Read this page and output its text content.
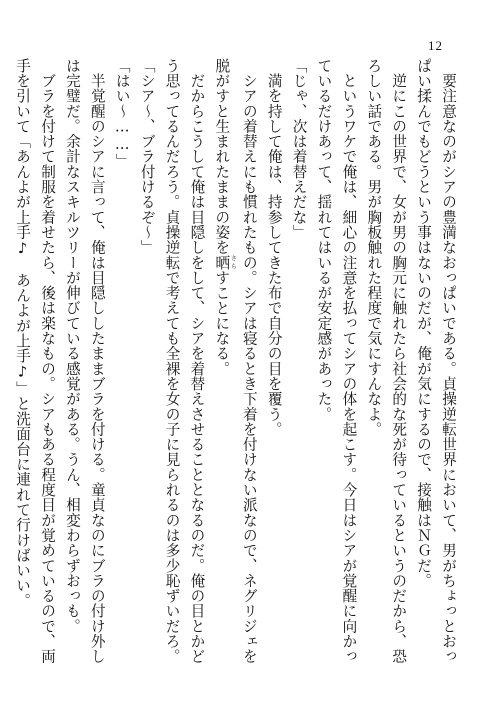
12
　要注意なのがシアの豊満なおっぱいである。貞操逆転世界において、男がちょっとおっ
ぱい揉んでもどうという事はないのだが、俺が気にするので、接触はＮＧだ。
　逆にこの世界で、女が男の胸元に触れたら社会的な死が待っているというのだから、恐
ろしい話である。男が胸板触れた程度で気にすんなよ。
　というワケで俺は、細心の注意を払ってシアの体を起こす。今日はシアが覚醒に向かっ
ているだけあって、揺れてはいるが安定感があった。
「じゃ、次は着替えだな」
　満を持して俺は、持参してきた布で自分の目を覆う。
　シアの着替えにも慣れたもの。シアは寝るとき下着を付けない派なので、ネグリジェを
脱がすと生まれたままの姿を晒 さらすことになる。
　だからこうして俺は目隠しをして、シアを着替えさせることとなるのだ。俺の目とかど
う思ってるんだろう。貞操逆転で考えても全裸を女の子に見られるのは多少恥ずいだろ。
「シア～、ブラ付けるぞ～」
「はい～……」
　半覚醒のシアに言って、俺は目隠ししたままブラを付ける。童貞なのにブラの付け外し
は完璧だ。余計なスキルツリーが伸びている感覚がある。うん、相変わらずおっも。
　ブラを付けて制服を着せたら、後は楽なもの。シアもある程度目が覚めているので、両
手を引いて「あんよが上手♪　あんよが上手♪」と洗面台に連れて行けばいい。
